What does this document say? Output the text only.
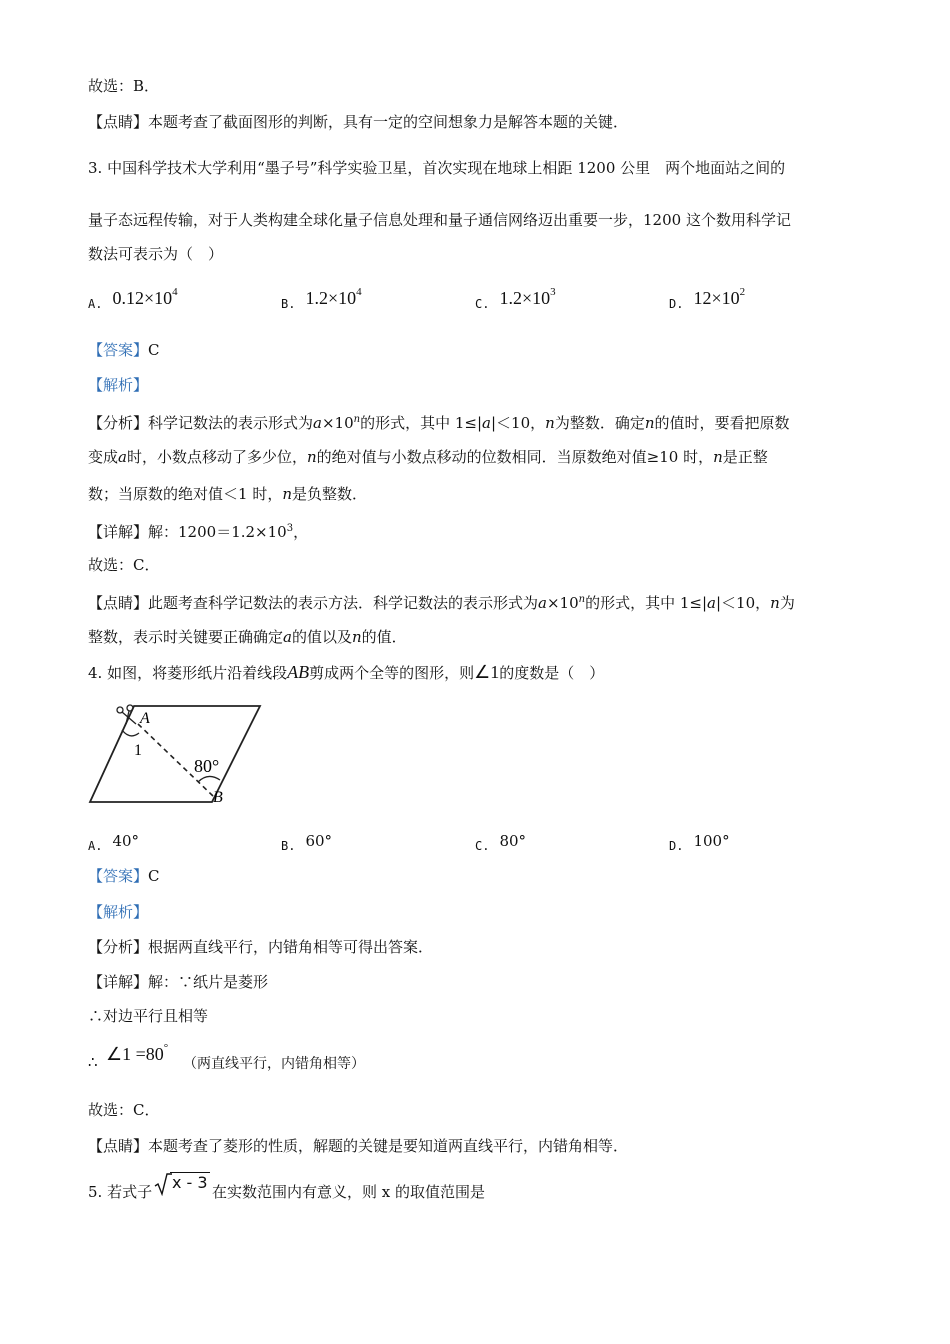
故选：B．
【点睛】本题考查了截面图形的判断，具有一定的空间想象力是解答本题的关键．
3. 中国科学技术大学利用“墨子号”科学实验卫星，首次实现在地球上相距 1200 公里　两个地面站之间的
量子态远程传输，对于人类构建全球化量子信息处理和量子通信网络迈出重要一步，1200 这个数用科学记
数法可表示为（　）
$_{A.}$ $0.12\times 10^4$
$_{B.}$ $1.2\times 10^4$
$_{C.}$ $1.2\times 10^3$
$_{D.}$ $12\times 10^2$
【答案】C
【解析】
【分析】科学记数法的表示形式为$a\times 10^n$的形式，其中 1≤|a|＜10，n为整数．确定n的值时，要看把原数
变成a时，小数点移动了多少位，n的绝对值与小数点移动的位数相同．当原数绝对值≥10 时，n是正整
数；当原数的绝对值＜1 时，n是负整数．
【详解】解：$1200=1.2\times 10^3$，
故选：C．
【点睛】此题考查科学记数法的表示方法．科学记数法的表示形式为$a\times 10^n$的形式，其中 1≤|a|＜10，n为
整数，表示时关键要正确确定a的值以及n的值．
4. 如图，将菱形纸片沿着线段AB剪成两个全等的图形，则∠1的度数是（　）
A
1
80°
B
$_{A.}$ 40°	$_{B.}$ 60°	$_{C.}$ 80°	$_{D.}$ 100°
【答案】C
【解析】
【分析】根据两直线平行，内错角相等可得出答案．
【详解】解：∵纸片是菱形
∴对边平行且相等
∴ ∠1 =80°
（两直线平行，内错角相等）
故选：C．
【点睛】本题考查了菱形的性质，解题的关键是要知道两直线平行，内错角相等．
5. 若式子 x - 3 在实数范围内有意义，则 x 的取值范围是
